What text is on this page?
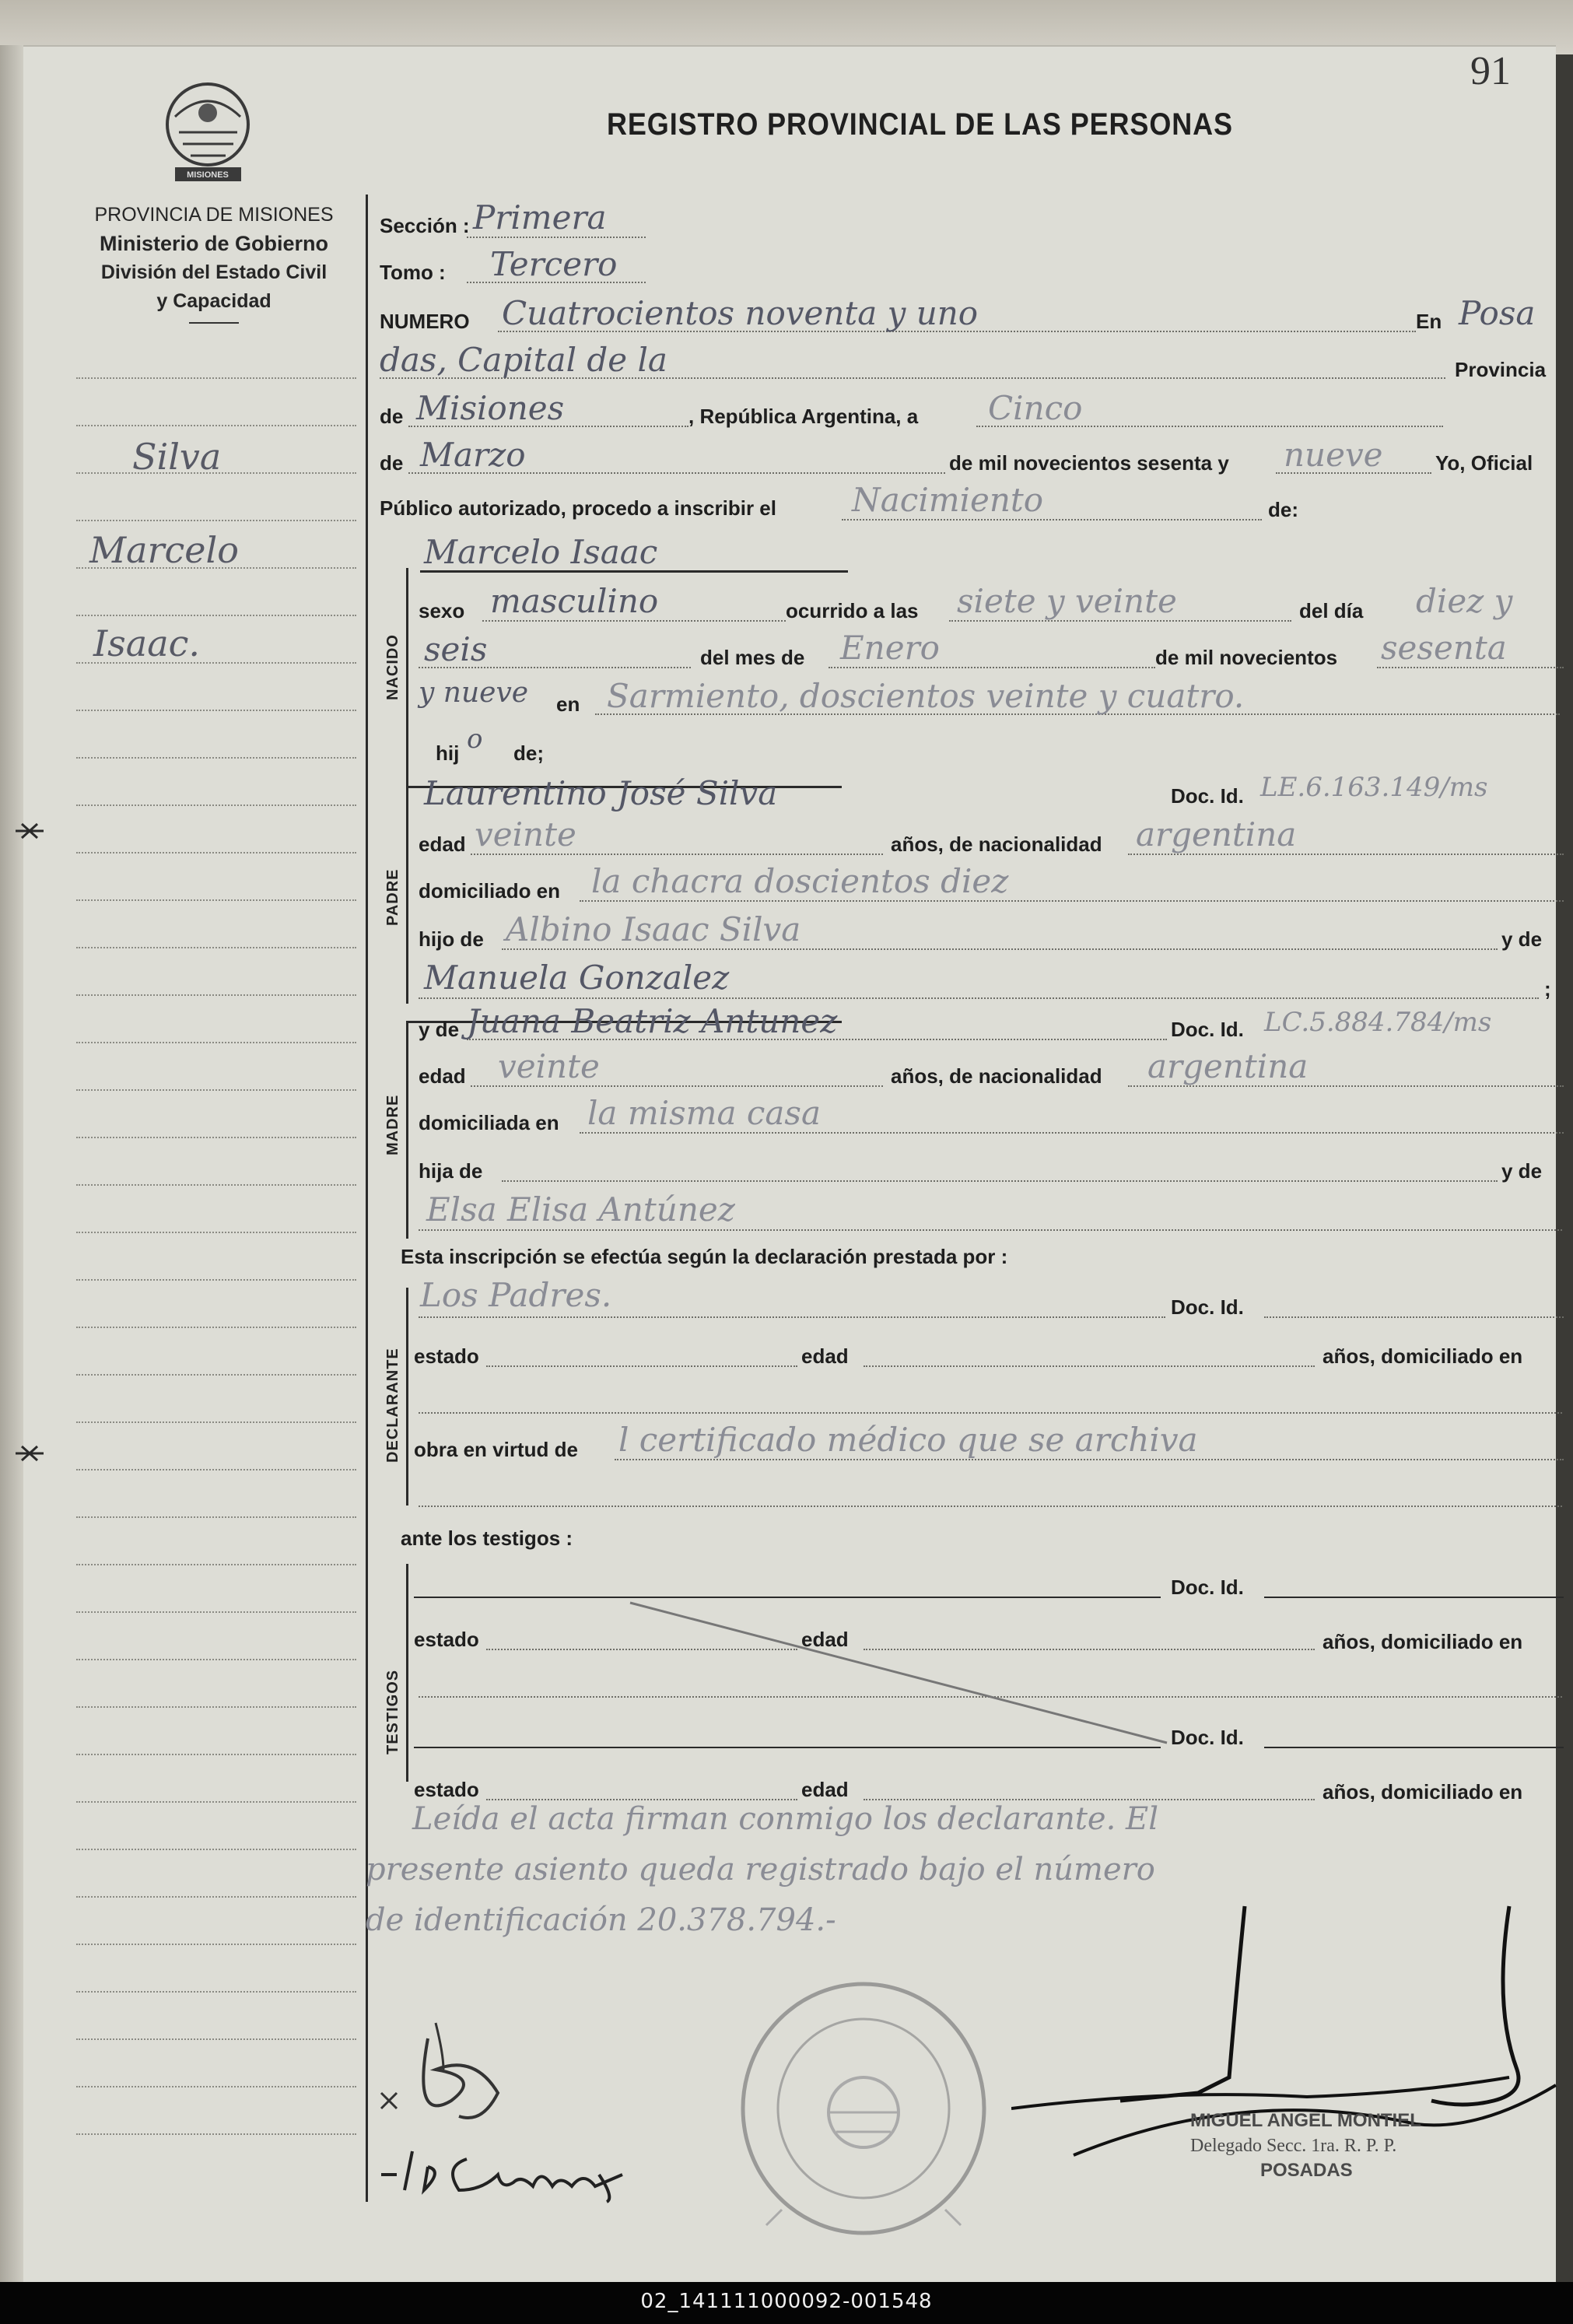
91
MISIONES
REGISTRO PROVINCIAL DE LAS PERSONAS
PROVINCIA DE MISIONES
Ministerio de Gobierno
División del Estado Civil
y Capacidad
Silva
Marcelo
Isaac.
Sección : Primera
Tomo : Tercero
NUMERO Cuatrocientos noventa y uno	En Posa
das, Capital de la	Provincia
de Misiones	, República Argentina, a Cinco
de Marzo	de mil novecientos sesenta y nueve	Yo, Oficial
Público autorizado, procedo a inscribir el Nacimiento	de:
NACIDO
Marcelo Isaac
sexo masculino	ocurrido a las siete y veinte	del día diez y
seis	del mes de Enero	de mil novecientos sesenta
y nueve en Sarmiento, doscientos veinte y cuatro.
hij o de;
PADRE
Laurentino José Silva	Doc. Id. LE.6.163.149/ms
edad veinte	años, de nacionalidad argentina
domiciliado en la chacra doscientos diez
hijo de Albino Isaac Silva	y de
Manuela Gonzalez	;
MADRE
y de Juana Beatriz Antunez	Doc. Id. LC.5.884.784/ms
edad veinte	años, de nacionalidad argentina
domiciliada en la misma casa
hija de	y de
Elsa Elisa Antúnez
Esta inscripción se efectúa según la declaración prestada por :
DECLARANTE
Los Padres.	Doc. Id.
estado	edad	años, domiciliado en
obra en virtud de l certificado médico que se archiva
ante los testigos :
TESTIGOS
Doc. Id.
estado	edad	años, domiciliado en
Doc. Id.
estado	edad	años, domiciliado en
Leída el acta firman conmigo los declarante. El
presente asiento queda registrado bajo el número
de identificación 20.378.794.-
MIGUEL ANGEL MONTIEL
Delegado Secc. 1ra. R. P. P.
POSADAS
02_141111000092-001548
